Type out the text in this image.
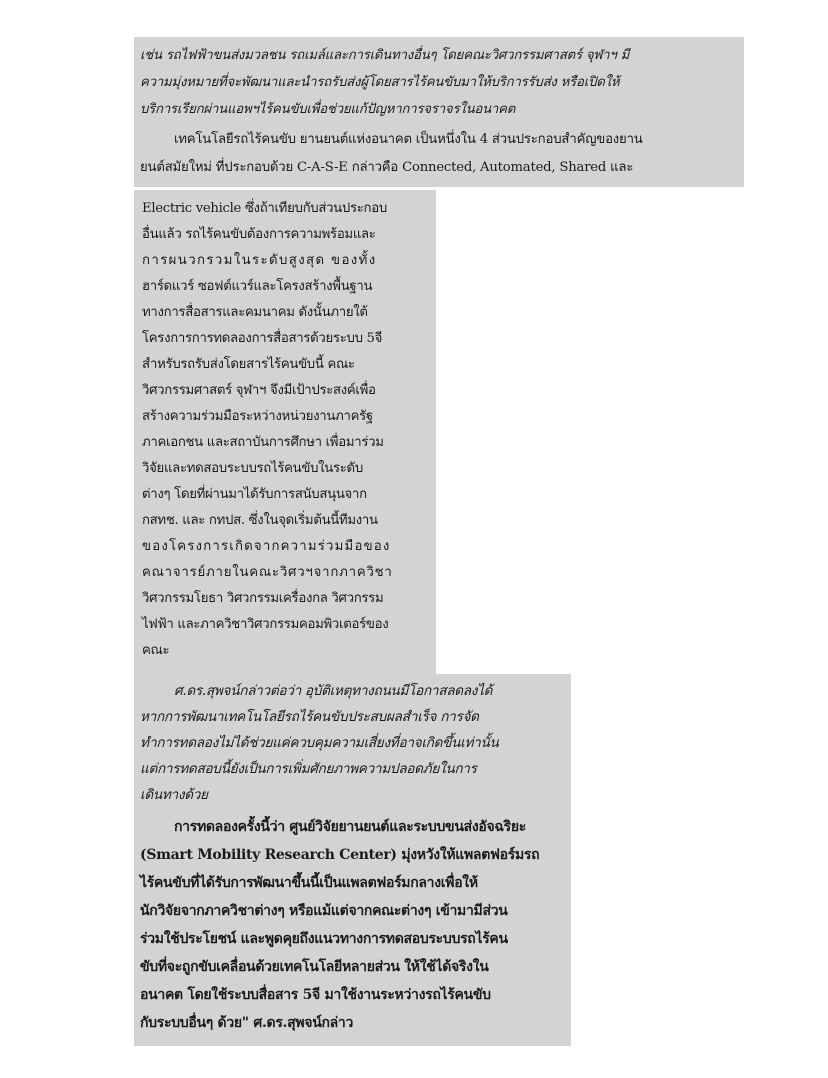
เช่น รถไฟฟ้าขนส่งมวลชน รถเมล์และการเดินทางอื่นๆ โดยคณะวิศวกรรมศาสตร์ จุฬาฯ มี
ความมุ่งหมายที่จะพัฒนาและนำรถรับส่งผู้โดยสารไร้คนขับมาให้บริการรับส่ง หรือเปิดให้
บริการเรียกผ่านแอพฯไร้คนขับเพื่อช่วยแก้ปัญหาการจราจรในอนาคต
เทคโนโลยีรถไร้คนขับ ยานยนต์แห่งอนาคต เป็นหนึ่งใน 4 ส่วนประกอบสำคัญของยาน
ยนต์สมัยใหม่ ที่ประกอบด้วย C-A-S-E กล่าวคือ Connected, Automated, Shared และ
Electric vehicle ซึ่งถ้าเทียบกับส่วนประกอบ
อื่นแล้ว รถไร้คนขับต้องการความพร้อมและ
การผนวกรวมในระดับสูงสุด ของทั้ง
ฮาร์ดแวร์ ซอฟต์แวร์และโครงสร้างพื้นฐาน
ทางการสื่อสารและคมนาคม ดังนั้นภายใต้
โครงการการทดลองการสื่อสารด้วยระบบ 5จี
สำหรับรถรับส่งโดยสารไร้คนขับนี้ คณะ
วิศวกรรมศาสตร์ จุฬาฯ จึงมีเป้าประสงค์เพื่อ
สร้างความร่วมมือระหว่างหน่วยงานภาครัฐ
ภาคเอกชน และสถาบันการศึกษา เพื่อมาร่วม
วิจัยและทดสอบระบบรถไร้คนขับในระดับ
ต่างๆ โดยที่ผ่านมาได้รับการสนับสนุนจาก
กสทช. และ กทปส. ซึ่งในจุดเริ่มต้นนี้ทีมงาน
ของโครงการเกิดจากความร่วมมือของ
คณาจารย์ภายในคณะวิศวฯจากภาควิชา
วิศวกรรมโยธา วิศวกรรมเครื่องกล วิศวกรรม
ไฟฟ้า และภาควิชาวิศวกรรมคอมพิวเตอร์ของ
คณะ
ศ.ดร.สุพจน์กล่าวต่อว่า อุบัติเหตุทางถนนมีโอกาสลดลงได้
หากการพัฒนาเทคโนโลยีรถไร้คนขับประสบผลสำเร็จ การจัด
ทำการทดลองไม่ได้ช่วยแค่ควบคุมความเสี่ยงที่อาจเกิดขึ้นเท่านั้น
แต่การทดสอบนี้ยังเป็นการเพิ่มศักยภาพความปลอดภัยในการ
เดินทางด้วย
การทดลองครั้งนี้ว่า ศูนย์วิจัยยานยนต์และระบบขนส่งอัจฉริยะ
(Smart Mobility Research Center) มุ่งหวังให้แพลตฟอร์มรถ
ไร้คนขับที่ได้รับการพัฒนาขึ้นนี้เป็นแพลตฟอร์มกลางเพื่อให้
นักวิจัยจากภาควิชาต่างๆ หรือแม้แต่จากคณะต่างๆ เข้ามามีส่วน
ร่วมใช้ประโยชน์ และพูดคุยถึงแนวทางการทดสอบระบบรถไร้คน
ขับที่จะถูกขับเคลื่อนด้วยเทคโนโลยีหลายส่วน ให้ใช้ได้จริงใน
อนาคต โดยใช้ระบบสื่อสาร 5จี มาใช้งานระหว่างรถไร้คนขับ
กับระบบอื่นๆ ด้วย" ศ.ดร.สุพจน์กล่าว
